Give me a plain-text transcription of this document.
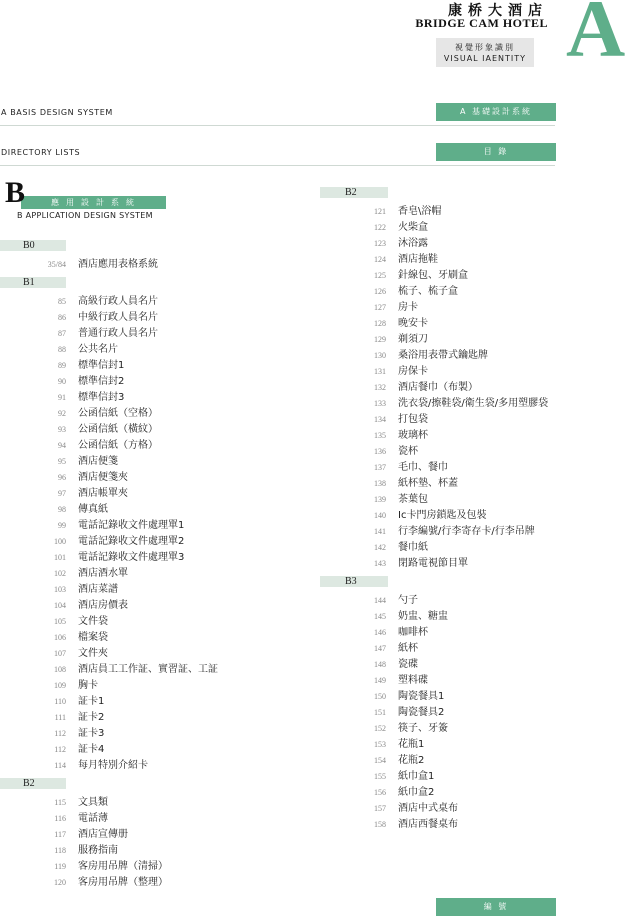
康桥大酒店
BRIDGE CAM HOTEL
視覺形象識別
VISUAL IAENTITY A
A BASIS DESIGN SYSTEM	A 基礎設計系統
DIRECTORY LISTS	目 錄
應用設計系統
B
B APPLICATION DESIGN SYSTEM
B0
35/84 酒店應用表格系統
B1
85 高級行政人員名片
86 中級行政人員名片
87 普通行政人員名片
88 公共名片
89 標準信封1
90 標準信封2
91 標準信封3
92 公函信紙（空格）
93 公函信紙（橫紋）
94 公函信紙（方格）
95 酒店便箋
96 酒店便箋夾
97 酒店帳單夾
98 傳真紙
99 電話記錄收文件處理單1
100 電話記錄收文件處理單2
101 電話記錄收文件處理單3
102 酒店酒水單
103 酒店菜譜
104 酒店房價表
105 文件袋
106 檔案袋
107 文件夾
108 酒店員工工作証、實習証、工証
109 胸卡
110 証卡1
111 証卡2
112 証卡3
112 証卡4
114 每月特別介紹卡
B2
115 文具類
116 電話薄
117 酒店宣傳册
118 服務指南
119 客房用吊牌（清掃）
120 客房用吊牌（整理）
B2
121 香皂\浴帽
122 火柴盒
123 沐浴露
124 酒店拖鞋
125 針線包、牙刷盒
126 梳子、梳子盒
127 房卡
128 晚安卡
129 剃須刀
130 桑浴用表帶式鑰匙牌
131 房保卡
132 酒店餐巾（布製）
133 洗衣袋/擦鞋袋/衛生袋/多用塑膠袋
134 打包袋
135 玻璃杯
136 瓷杯
137 毛巾、餐巾
138 紙杯墊、杯蓋
139 茶葉包
140 Ic卡門房鎖匙及包裝
141 行李編號/行李寄存卡/行李吊牌
142 餐巾紙
143 閉路電視節目單
B3
144 勺子
145 奶盅、糖盅
146 咖啡杯
147 紙杯
148 瓷碟
149 塑料碟
150 陶瓷餐具1
151 陶瓷餐具2
152 筷子、牙簽
153 花瓶1
154 花瓶2
155 紙巾盒1
156 紙巾盒2
157 酒店中式桌布
158 酒店西餐桌布
編 號
